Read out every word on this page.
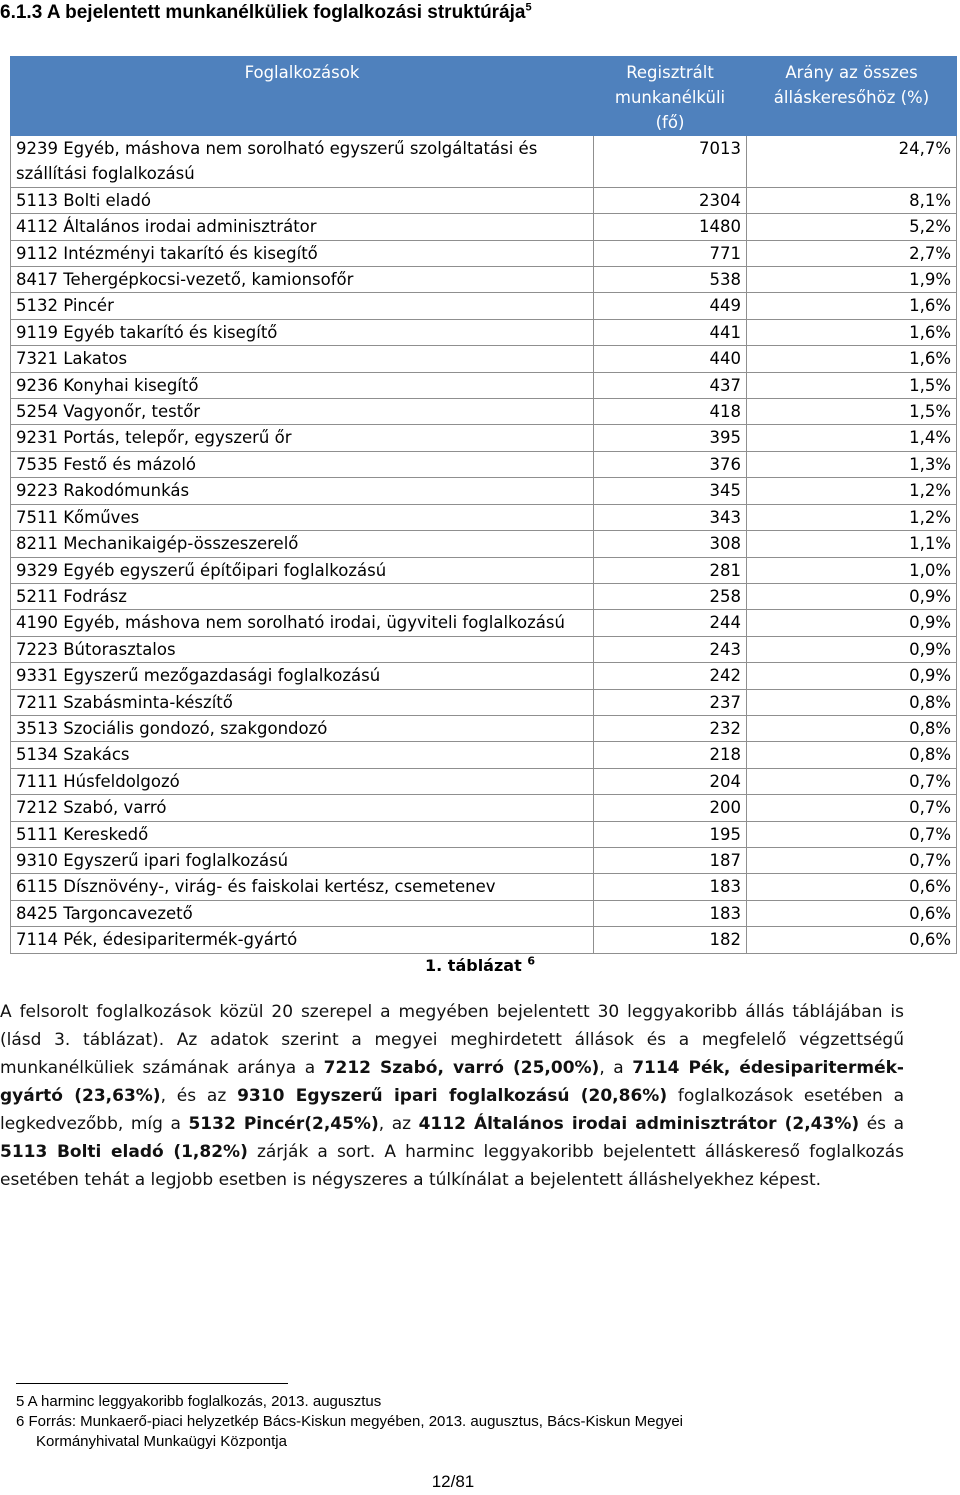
6.1.3 A bejelentett munkanélküliek foglalkozási struktúrája$^5$
Foglalkozások	Regisztrált munkanélküli (fő)	Arány az összes álláskeresőhöz (%)
9239 Egyéb, máshova nem sorolható egyszerű szolgáltatási és szállítási foglalkozású	7013	24,7%
5113 Bolti eladó	2304	8,1%
4112 Általános irodai adminisztrátor	1480	5,2%
9112 Intézményi takarító és kisegítő	771	2,7%
8417 Tehergépkocsi-vezető, kamionsofőr	538	1,9%
5132 Pincér	449	1,6%
9119 Egyéb takarító és kisegítő	441	1,6%
7321 Lakatos	440	1,6%
9236 Konyhai kisegítő	437	1,5%
5254 Vagyonőr, testőr	418	1,5%
9231 Portás, telepőr, egyszerű őr	395	1,4%
7535 Festő és mázoló	376	1,3%
9223 Rakodómunkás	345	1,2%
7511 Kőműves	343	1,2%
8211 Mechanikaigép-összeszerelő	308	1,1%
9329 Egyéb egyszerű építőipari foglalkozású	281	1,0%
5211 Fodrász	258	0,9%
4190 Egyéb, máshova nem sorolható irodai, ügyviteli foglalkozású	244	0,9%
7223 Bútorasztalos	243	0,9%
9331 Egyszerű mezőgazdasági foglalkozású	242	0,9%
7211 Szabásminta-készítő	237	0,8%
3513 Szociális gondozó, szakgondozó	232	0,8%
5134 Szakács	218	0,8%
7111 Húsfeldolgozó	204	0,7%
7212 Szabó, varró	200	0,7%
5111 Kereskedő	195	0,7%
9310 Egyszerű ipari foglalkozású	187	0,7%
6115 Dísznövény-, virág- és faiskolai kertész, csemetenev	183	0,6%
8425 Targoncavezető	183	0,6%
7114 Pék, édesiparitermék-gyártó	182	0,6%
1. táblázat $^6$
A felsorolt foglalkozások közül 20 szerepel a megyében bejelentett 30 leggyakoribb állás táblájában is (lásd 3. táblázat). Az adatok szerint a megyei meghirdetett állások és a megfelelő végzettségű munkanélküliek számának aránya a 7212 Szabó, varró (25,00%), a 7114 Pék, édesiparitermék-gyártó (23,63%), és az 9310 Egyszerű ipari foglalkozású (20,86%) foglalkozások esetében a legkedvezőbb, míg a 5132 Pincér(2,45%), az 4112 Általános irodai adminisztrátor (2,43%) és a 5113 Bolti eladó (1,82%) zárják a sort. A harminc leggyakoribb bejelentett álláskereső foglalkozás esetében tehát a legjobb esetben is négyszeres a túlkínálat a bejelentett álláshelyekhez képest.

5 A harminc leggyakoribb foglalkozás, 2013. augusztus

6 Forrás: Munkaerő-piaci helyzetkép Bács-Kiskun megyében, 2013. augusztus, Bács-Kiskun Megyei

Kormányhivatal Munkaügyi Központja

12/81
